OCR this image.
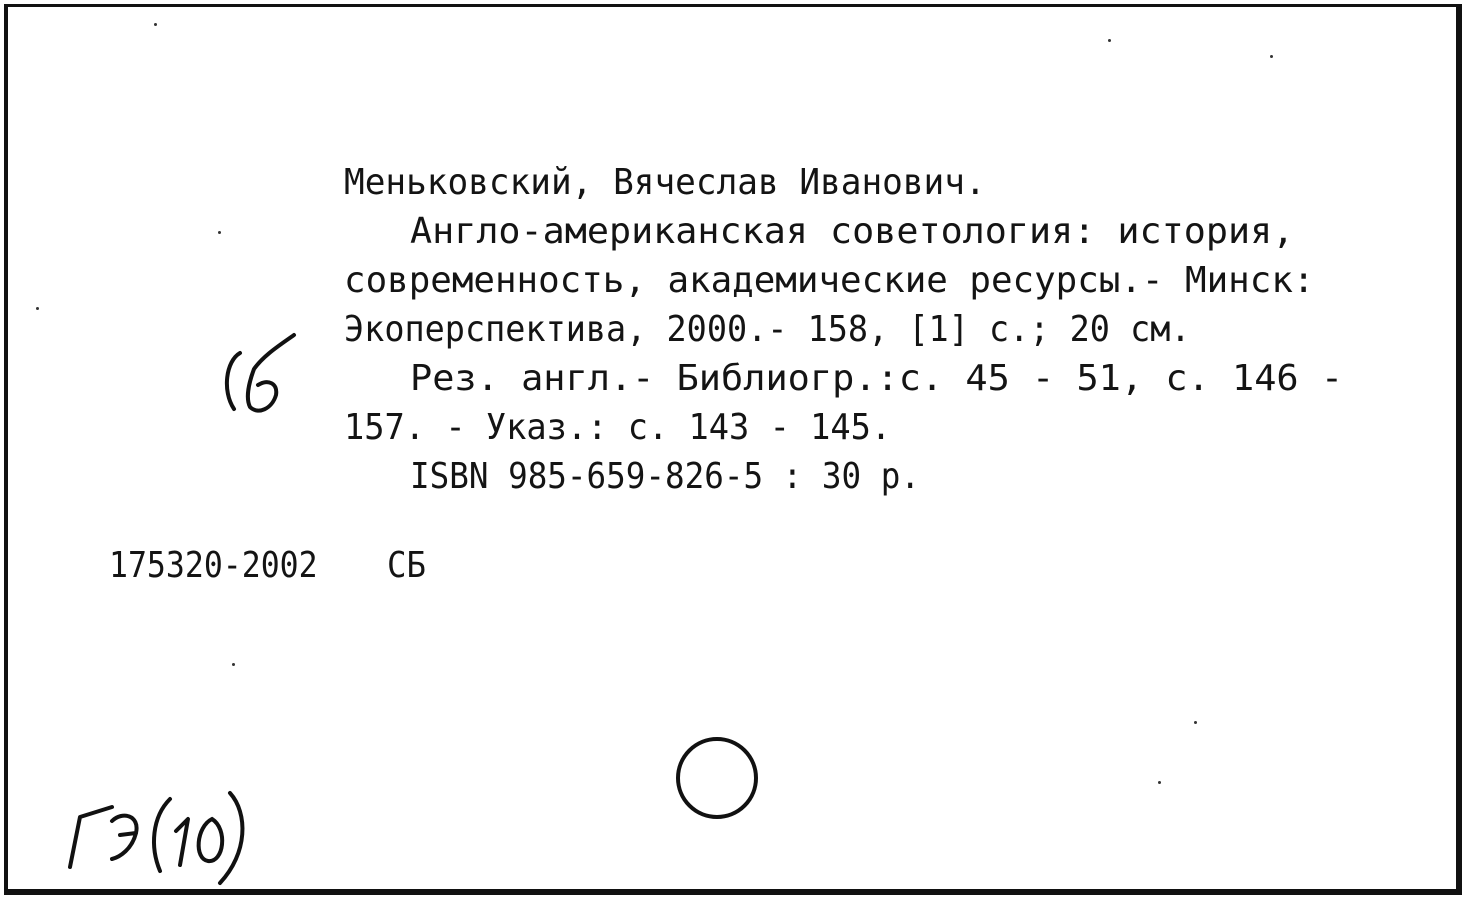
Меньковский, Вячеслав Иванович.
Англо-американская советология: история,
современность, академические ресурсы.- Минск:
Экоперспектива, 2000.- 158, [1] с.; 20 см.
Рез. англ.- Библиогр.:с. 45 - 51, с. 146 -
157. - Указ.: с. 143 - 145.
ISBN 985-659-826-5 : 30 р.
175320-2002 СБ
